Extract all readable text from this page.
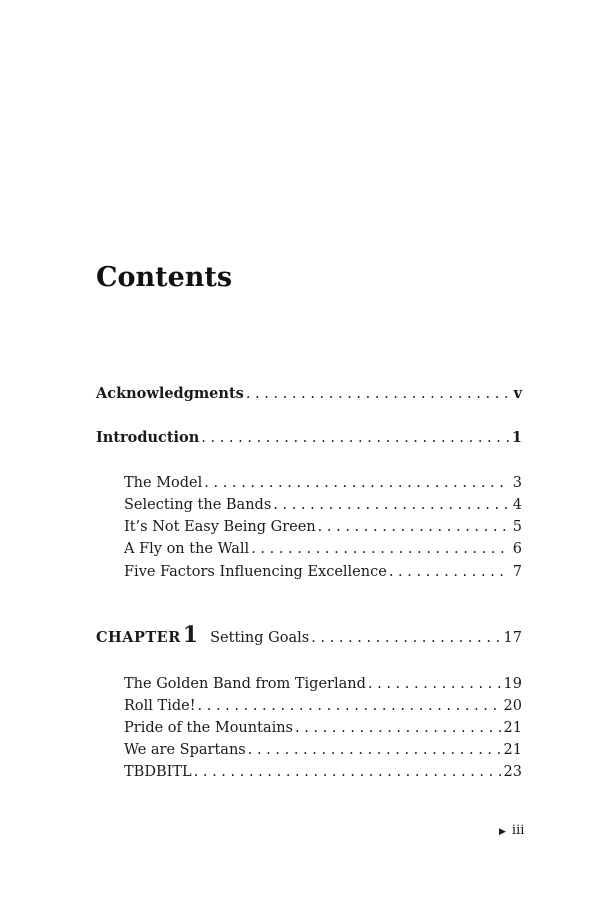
Contents
Acknowledgments . . .	v
Introduction . . .	1
The Model . . .	3
Selecting the Bands . . .	4
It’s Not Easy Being Green . . .	5
A Fly on the Wall . . .	6
Five Factors Influencing Excellence . . .	7
CHAPTER 1 Setting Goals . . .	17
The Golden Band from Tigerland . . .	19
Roll Tide! . . .	20
Pride of the Mountains . . .	21
We are Spartans . . .	21
TBDBITL . . .	23
▶ iii
